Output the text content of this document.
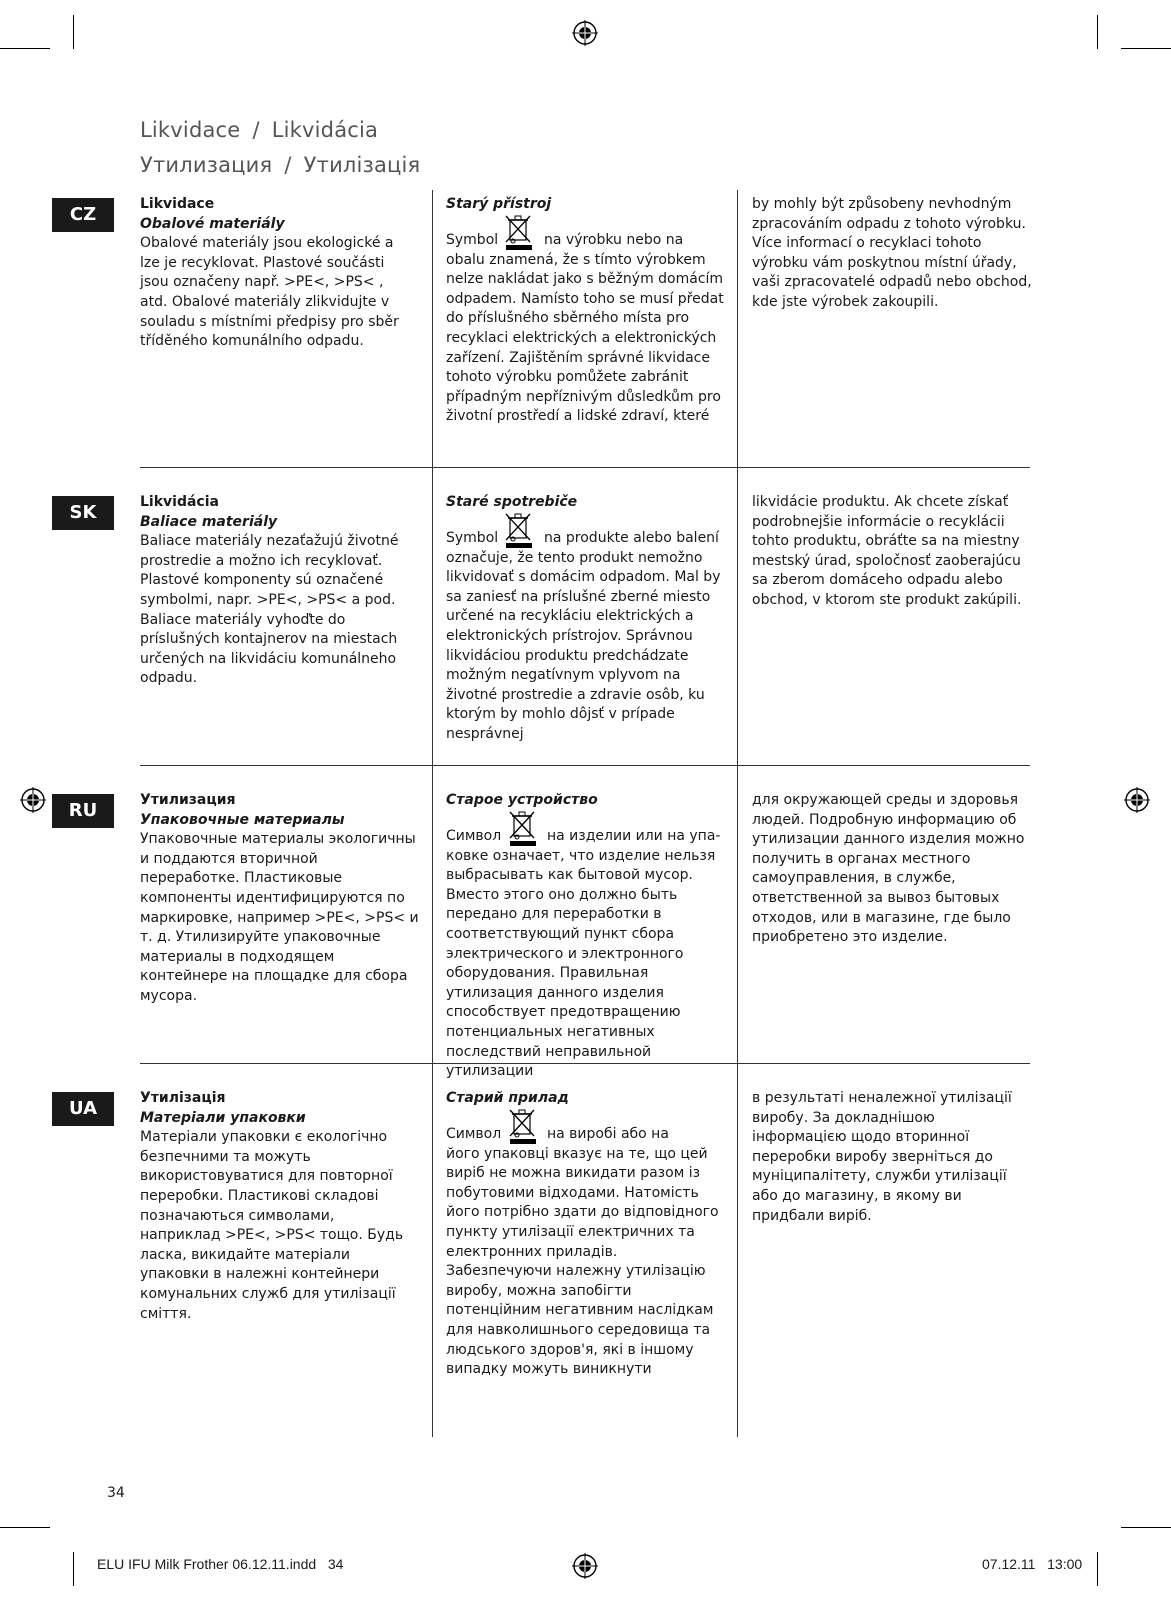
Likvidace / Likvidácia
Утилизация / Утилізація
CZ	Likvidace
Obalové materiály
Obalové materiály jsou ekologické a lze je recyklovat. Plastové součásti jsou označeny např. >PE<, >PS< , atd. Obalové materiály zlikvidujte v souladu s místními předpisy pro sběr tříděného komunálního odpadu.
Starý přístroj
Symbol	na výrobku nebo na
obalu znamená, že s tímto výrobkem nelze nakládat jako s běžným domácím odpadem. Namísto toho se musí předat do příslušného sběrného místa pro recyklaci elektrických a elektronických zařízení. Zajištěním správné likvidace tohoto výrobku pomůžete zabránit případným nepříznivým důsledkům pro životní prostředí a lidské zdraví, které
by mohly být způsobeny nevhodným zpracováním odpadu z tohoto výrobku. Více informací o recyklaci tohoto výrobku vám poskytnou místní úřady, vaši zpracovatelé odpadů nebo obchod, kde jste výrobek zakoupili.
SK	Likvidácia
Baliace materiály
Baliace materiály nezaťažujú životné prostredie a možno ich recyklovať. Plastové komponenty sú označené symbolmi, napr. >PE<, >PS< a pod. Baliace materiály vyhoďte do príslušných kontajnerov na miestach určených na likvidáciu komunálneho odpadu.
Staré spotrebiče
Symbol	na produkte alebo balení
označuje, že tento produkt nemožno likvidovať s domácim odpadom. Mal by sa zaniesť na príslušné zberné miesto určené na recykláciu elektrických a elektronických prístrojov. Správnou likvidáciou produktu predchádzate možným negatívnym vplyvom na životné prostredie a zdravie osôb, ku ktorým by mohlo dôjsť v prípade nesprávnej
likvidácie produktu. Ak chcete získať podrobnejšie informácie o recyklácii tohto produktu, obráťte sa na miestny mestský úrad, spoločnosť zaoberajúcu sa zberom domáceho odpadu alebo obchod, v ktorom ste produkt zakúpili.
RU	Утилизация
Упаковочные материалы
Упаковочные материалы экологичны и поддаются вторичной переработке. Пластиковые компоненты идентифицируются по маркировке, например >PE<, >PS< и т. д. Утилизируйте упаковочные материалы в подходящем контейнере на площадке для сбора мусора.
Старое устройство
Символ	на изделии или на упа-
ковке означает, что изделие нельзя выбрасывать как бытовой мусор. Вместо этого оно должно быть передано для переработки в соответствующий пункт сбора электрического и электронного оборудования. Правильная утилизация данного изделия способствует предотвращению потенциальных негативных последствий неправильной утилизации
для окружающей среды и здоровья людей. Подробную информацию об утилизации данного изделия можно получить в органах местного самоуправления, в службе, ответственной за вывоз бытовых отходов, или в магазине, где было приобретено это изделие.
UA	Утилізація
Матеріали упаковки
Матеріали упаковки є екологічно безпечними та можуть використовуватися для повторної переробки. Пластикові складові позначаються символами, наприклад >PE<, >PS< тощо. Будь ласка, викидайте матеріали упаковки в належні контейнери комунальних служб для утилізації сміття.
Старий прилад
Символ	на виробі або на
його упаковці вказує на те, що цей виріб не можна викидати разом із побутовими відходами. Натомість його потрібно здати до відповідного пункту утилізації електричних та електронних приладів. Забезпечуючи належну утилізацію виробу, можна запобігти потенційним негативним наслідкам для навколишнього середовища та людського здоров'я, які в іншому випадку можуть виникнути
в результаті неналежної утилізації виробу. За докладнішою інформацією щодо вторинної переробки виробу зверніться до муніципалітету, служби утилізації або до магазину, в якому ви придбали виріб.
34
ELU IFU Milk Frother 06.12.11.indd   34	07.12.11   13:00
